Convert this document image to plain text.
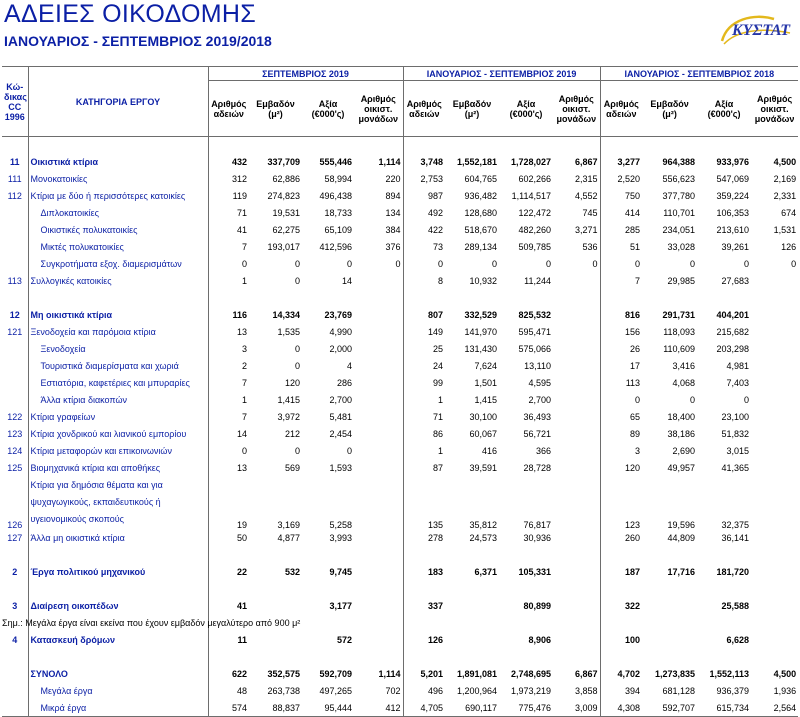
ΑΔΕΙΕΣ ΟΙΚΟΔΟΜΗΣ
ΙΑΝΟΥΑΡΙΟΣ - ΣΕΠΤΕΜΒΡΙΟΣ 2019/2018
ΚΥΣΤΑΤ
Κώ-δικας CC 1996	ΚΑΤΗΓΟΡΙΑ ΕΡΓΟΥ	ΣΕΠΤΕΜΒΡΙΟΣ 2019				ΙΑΝΟΥΑΡΙΟΣ - ΣΕΠΤΕΜΒΡΙΟΣ 2019				ΙΑΝΟΥΑΡΙΟΣ - ΣΕΠΤΕΜΒΡΙΟΣ 2018			
		Αριθμός αδειών	Εμβαδόν (μ²)	Αξία (€000'ς)	Αριθμός οικιστ. μονάδων	Αριθμός αδειών	Εμβαδόν (μ²)	Αξία (€000'ς)	Αριθμός οικιστ. μονάδων	Αριθμός αδειών	Εμβαδόν (μ²)	Αξία (€000'ς)	Αριθμός οικιστ. μονάδων

11	Οικιστικά κτίρια	432	337,709	555,446	1,114	3,748	1,552,181	1,728,027	6,867	3,277	964,388	933,976	4,500
111	Μονοκατοικίες	312	62,886	58,994	220	2,753	604,765	602,266	2,315	2,520	556,623	547,069	2,169
112	Κτίρια με δύο ή περισσότερες κατοικίες	119	274,823	496,438	894	987	936,482	1,114,517	4,552	750	377,780	359,224	2,331
	Διπλοκατοικίες	71	19,531	18,733	134	492	128,680	122,472	745	414	110,701	106,353	674
	Οικιστικές πολυκατοικίες	41	62,275	65,109	384	422	518,670	482,260	3,271	285	234,051	213,610	1,531
	Μικτές πολυκατοικίες	7	193,017	412,596	376	73	289,134	509,785	536	51	33,028	39,261	126
	Συγκροτήματα εξοχ. διαμερισμάτων	0	0	0	0	0	0	0	0	0	0	0	0
113	Συλλογικές κατοικίες	1	0	14		8	10,932	11,244		7	29,985	27,683	

12	Μη οικιστικά κτίρια	116	14,334	23,769		807	332,529	825,532		816	291,731	404,201	
121	Ξενοδοχεία και παρόμοια κτίρια	13	1,535	4,990		149	141,970	595,471		156	118,093	215,682	
	Ξενοδοχεία	3	0	2,000		25	131,430	575,066		26	110,609	203,298	
	Τουριστικά διαμερίσματα και χωριά	2	0	4		24	7,624	13,110		17	3,416	4,981	
	Εστιατόρια, καφετέριες και μπυραρίες	7	120	286		99	1,501	4,595		113	4,068	7,403	
	Άλλα κτίρια διακοπών	1	1,415	2,700		1	1,415	2,700		0	0	0	
122	Κτίρια γραφείων	7	3,972	5,481		71	30,100	36,493		65	18,400	23,100	
123	Κτίρια χονδρικού και λιανικού εμπορίου	14	212	2,454		86	60,067	56,721		89	38,186	51,832	
124	Κτίρια μεταφορών και επικοινωνιών	0	0	0		1	416	366		3	2,690	3,015	
125	Βιομηχανικά κτίρια και αποθήκες	13	569	1,593		87	39,591	28,728		120	49,957	41,365	
126	Κτίρια για δημόσια θέματα και για ψυχαγωγικούς, εκπαιδευτικούς ή υγειονομικούς σκοπούς	19	3,169	5,258		135	35,812	76,817		123	19,596	32,375	
127	Άλλα μη οικιστικά κτίρια	50	4,877	3,993		278	24,573	30,936		260	44,809	36,141	

2	Έργα πολιτικού μηχανικού	22	532	9,745		183	6,371	105,331		187	17,716	181,720	

3	Διαίρεση οικοπέδων	41		3,177		337		80,899		322		25,588	

4	Κατασκευή δρόμων	11		572		126		8,906		100		6,628	

	ΣΥΝΟΛΟ	622	352,575	592,709	1,114	5,201	1,891,081	2,748,695	6,867	4,702	1,273,835	1,552,113	4,500
	Μεγάλα έργα	48	263,738	497,265	702	496	1,200,964	1,973,219	3,858	394	681,128	936,379	1,936
	Μικρά έργα	574	88,837	95,444	412	4,705	690,117	775,476	3,009	4,308	592,707	615,734	2,564
Σημ.: Μεγάλα έργα είναι εκείνα που έχουν εμβαδόν μεγαλύτερο από 900 μ²
